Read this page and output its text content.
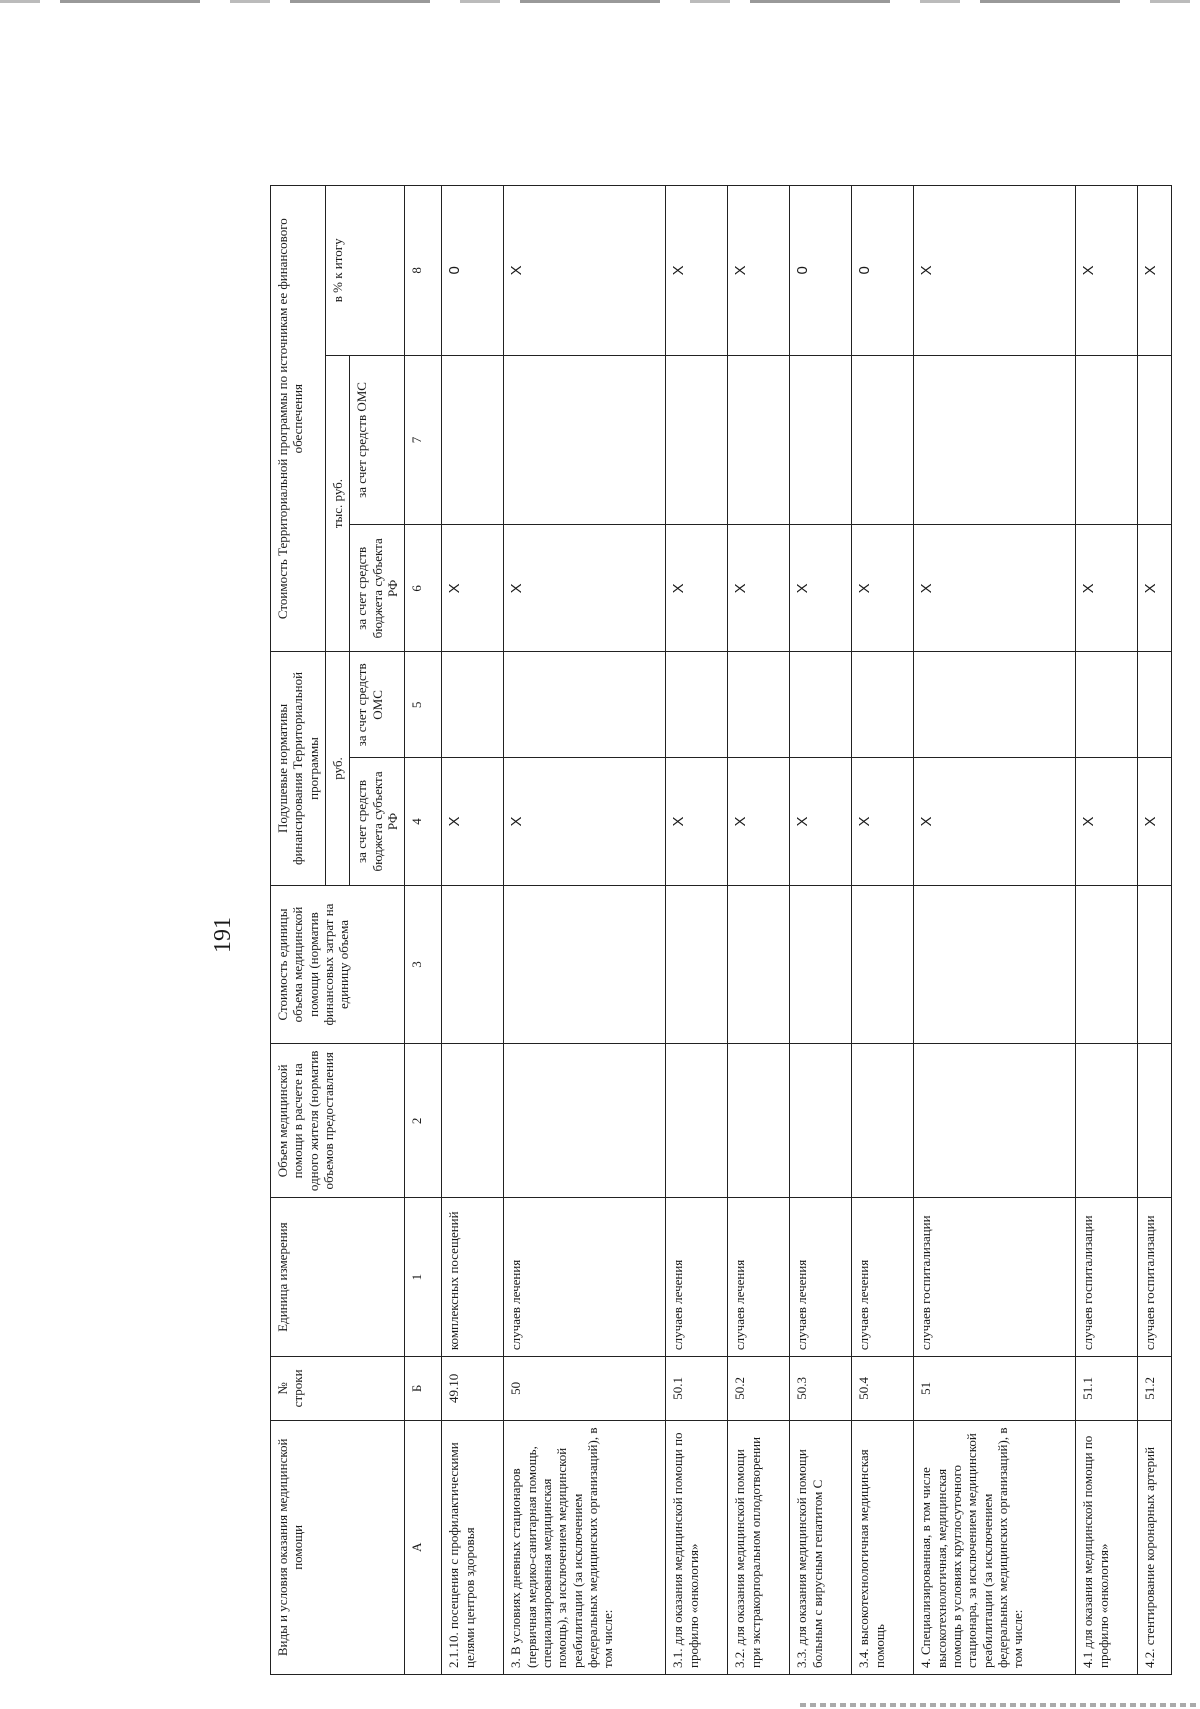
191
Виды и условия оказания медицинской помощи	№ строки	Единица измерения	Объем медицинской помощи в расчете на одного жителя (норматив объемов предоставления	Стоимость единицы объема медицинской помощи (норматив финансовых затрат на единицу объема	Подушевые нормативы финансирования Территориальной программы		Стоимость Территориальной программы по источникам ее финансового обеспечения		
					руб.		тыс. руб.		в % к итогу
					за счет средств бюджета субъекта РФ	за счет средств ОМС	за счет средств бюджета субъекта РФ	за счет средств ОМС	
А	Б	1	2	3	4	5	6	7	8
2.1.10. посещения с профилактическими целями центров здоровья	49.10	комплексных посещений			Х		Х		0
3. В условиях дневных стационаров (первичная медико-санитарная помощь, специализированная медицинская помощь), за исключением медицинской реабилитации (за исключением федеральных медицинских организаций), в том числе:	50	случаев лечения			Х		Х		Х
3.1. для оказания медицинской помощи по профилю «онкология»	50.1	случаев лечения			Х		Х		Х
3.2. для оказания медицинской помощи при экстракорпоральном оплодотворении	50.2	случаев лечения			Х		Х		Х
3.3. для оказания медицинской помощи больным с вирусным гепатитом С	50.3	случаев лечения			Х		Х		0
3.4. высокотехнологичная медицинская помощь	50.4	случаев лечения			Х		Х		0
4. Специализированная, в том числе высокотехнологичная, медицинская помощь в условиях круглосуточного стационара, за исключением медицинской реабилитации (за исключением федеральных медицинских организаций), в том числе:	51	случаев госпитализации			Х		Х		Х
4.1 для оказания медицинской помощи по профилю «онкология»	51.1	случаев госпитализации			Х		Х		Х
4.2. стентирование коронарных артерий	51.2	случаев госпитализации			Х		Х		Х
